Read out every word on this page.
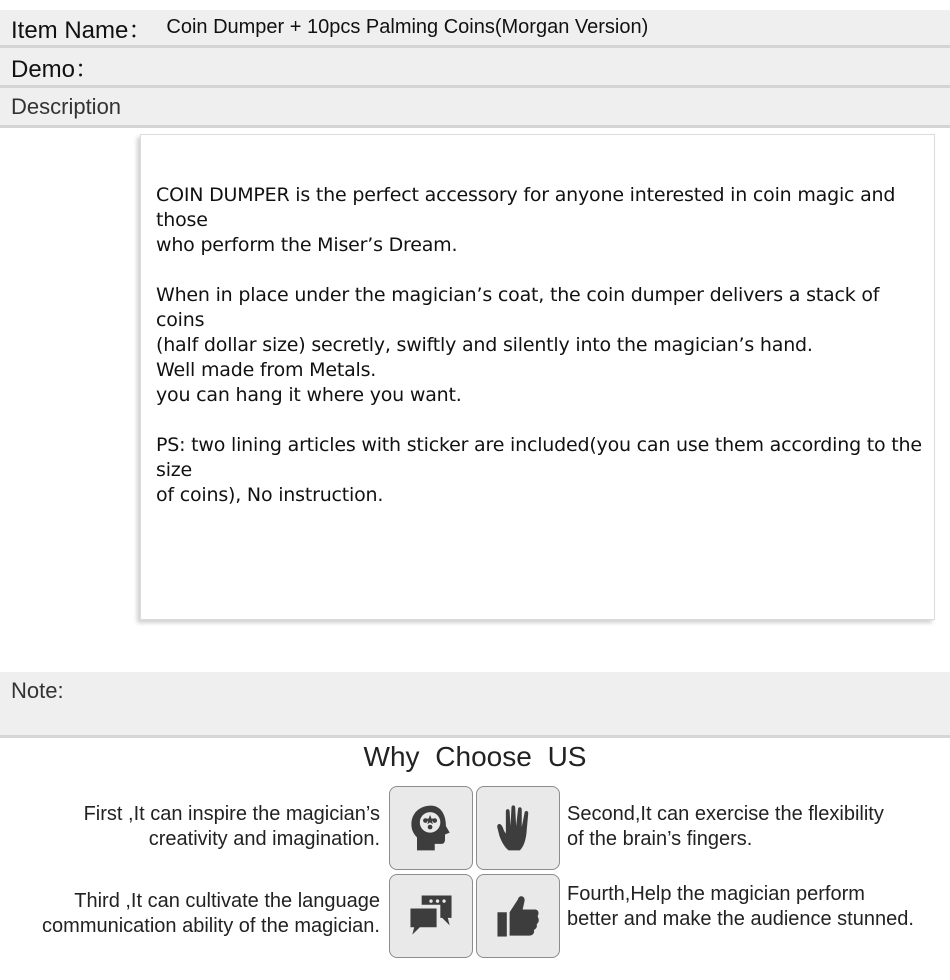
Item Name： Coin Dumper + 10pcs Palming Coins(Morgan Version)
Demo：
Description

COIN DUMPER is the perfect accessory for anyone interested in coin magic and those
who perform the Miser’s Dream.

When in place under the magician’s coat, the coin dumper delivers a stack of coins
(half dollar size) secretly, swiftly and silently into the magician’s hand.
Well made from Metals.
you can hang it where you want.

PS: two lining articles with sticker are included(you can use them according to the size
of coins), No instruction.

Note:
Why Choose US
First ,It can inspire the magician’s
creativity and imagination.
Second,It can exercise the flexibility
of the brain’s fingers.
Third ,It can cultivate the language
communication ability of the magician.
Fourth,Help the magician perform
better and make the audience stunned.
